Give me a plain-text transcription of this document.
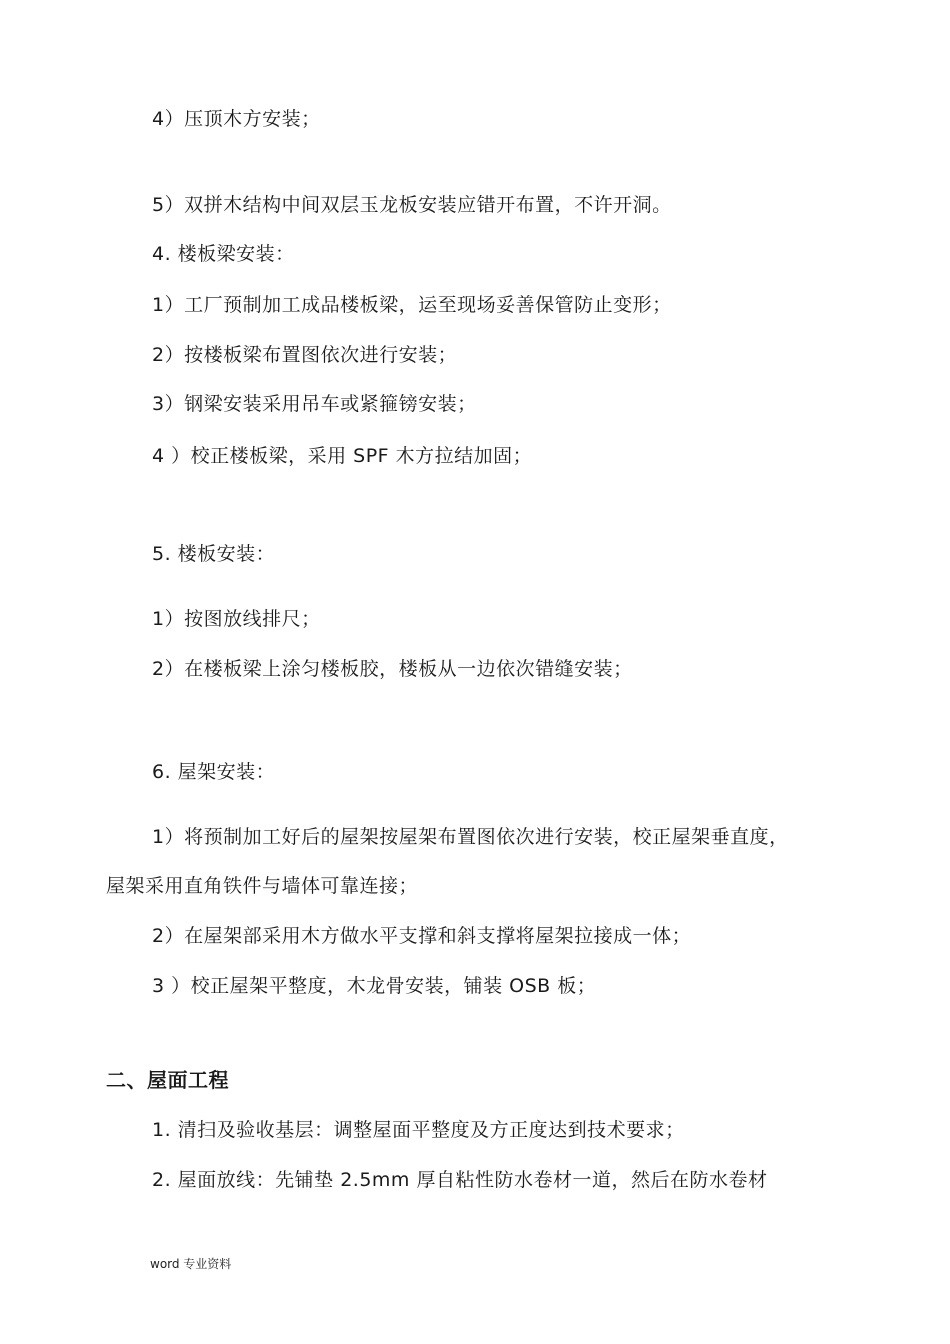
4）压顶木方安装；
5）双拼木结构中间双层玉龙板安装应错开布置，不许开洞。
4. 楼板梁安装：
1）工厂预制加工成品楼板梁，运至现场妥善保管防止变形；
2）按楼板梁布置图依次进行安装；
3）钢梁安装采用吊车或紧箍镑安装；
4 ）校正楼板梁，采用 SPF 木方拉结加固；
5. 楼板安装：
1）按图放线排尺；
2）在楼板梁上涂匀楼板胶，楼板从一边依次错缝安装；
6. 屋架安装：
1）将预制加工好后的屋架按屋架布置图依次进行安装，校正屋架垂直度，
屋架采用直角铁件与墙体可靠连接；
2）在屋架部采用木方做水平支撑和斜支撑将屋架拉接成一体；
3 ）校正屋架平整度，木龙骨安装，铺装 OSB 板；
二、屋面工程
1. 清扫及验收基层：调整屋面平整度及方正度达到技术要求；
2. 屋面放线：先铺垫 2.5mm 厚自粘性防水卷材一道，然后在防水卷材
word 专业资料
